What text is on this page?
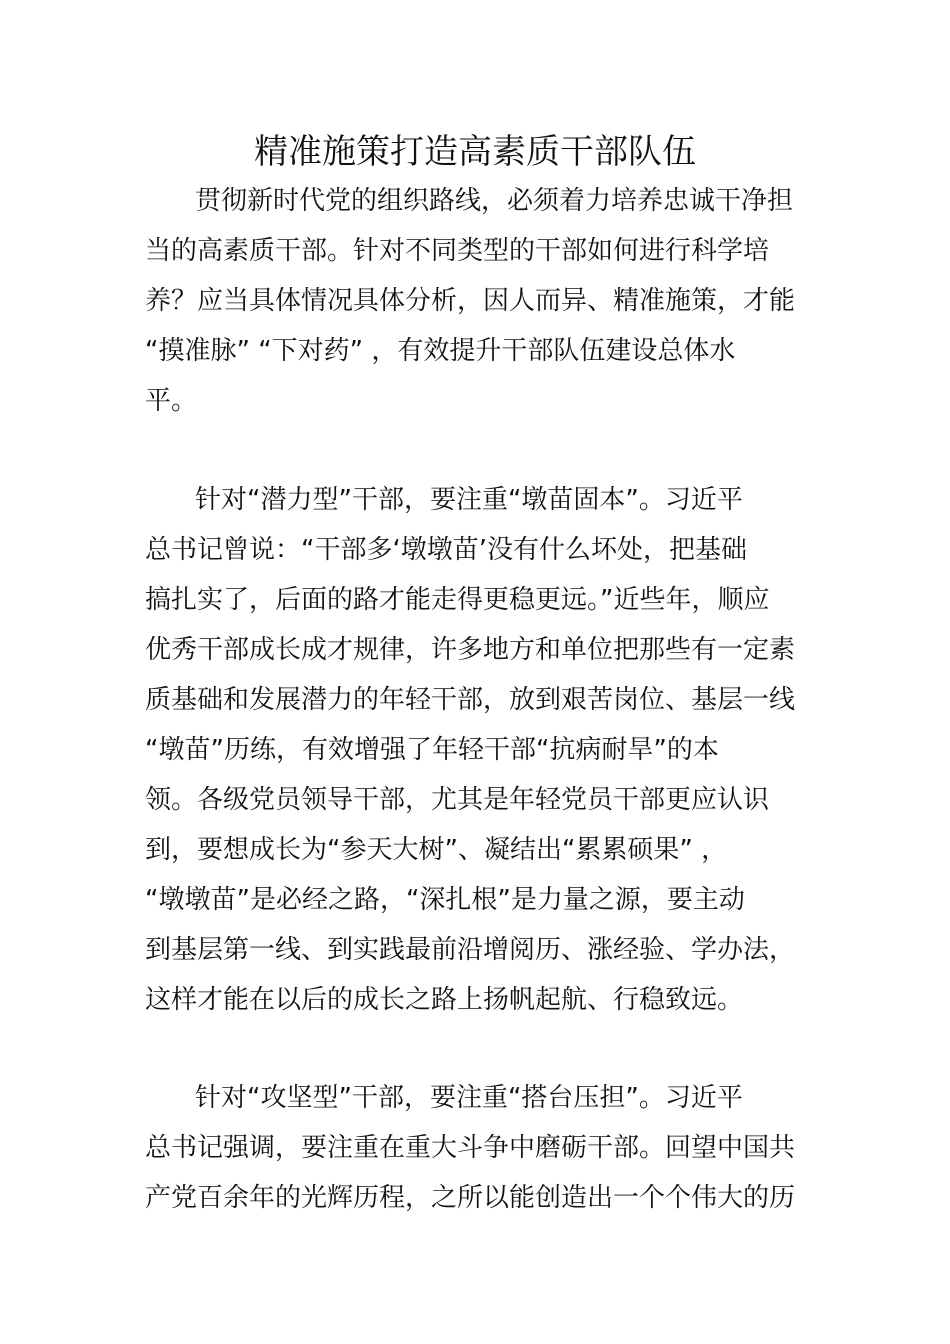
精准施策打造高素质干部队伍

贯彻新时代党的组织路线，必须着力培养忠诚干净担

当的高素质干部。针对不同类型的干部如何进行科学培

养？应当具体情况具体分析，因人而异、精准施策，才能

“摸准脉” “下对药” ，有效提升干部队伍建设总体水

平。

针对“潜力型”干部，要注重“墩苗固本”。习近平

总书记曾说：“干部多‘墩墩苗’没有什么坏处，把基础

搞扎实了，后面的路才能走得更稳更远。”近些年，顺应

优秀干部成长成才规律，许多地方和单位把那些有一定素

质基础和发展潜力的年轻干部，放到艰苦岗位、基层一线

“墩苗”历练，有效增强了年轻干部“抗病耐旱”的本

领。各级党员领导干部，尤其是年轻党员干部更应认识

到，要想成长为“参天大树”、凝结出“累累硕果” ，

“墩墩苗”是必经之路，“深扎根”是力量之源，要主动

到基层第一线、到实践最前沿增阅历、涨经验、学办法，

这样才能在以后的成长之路上扬帆起航、行稳致远。

针对“攻坚型”干部，要注重“搭台压担”。习近平

总书记强调，要注重在重大斗争中磨砺干部。回望中国共

产党百余年的光辉历程，之所以能创造出一个个伟大的历
